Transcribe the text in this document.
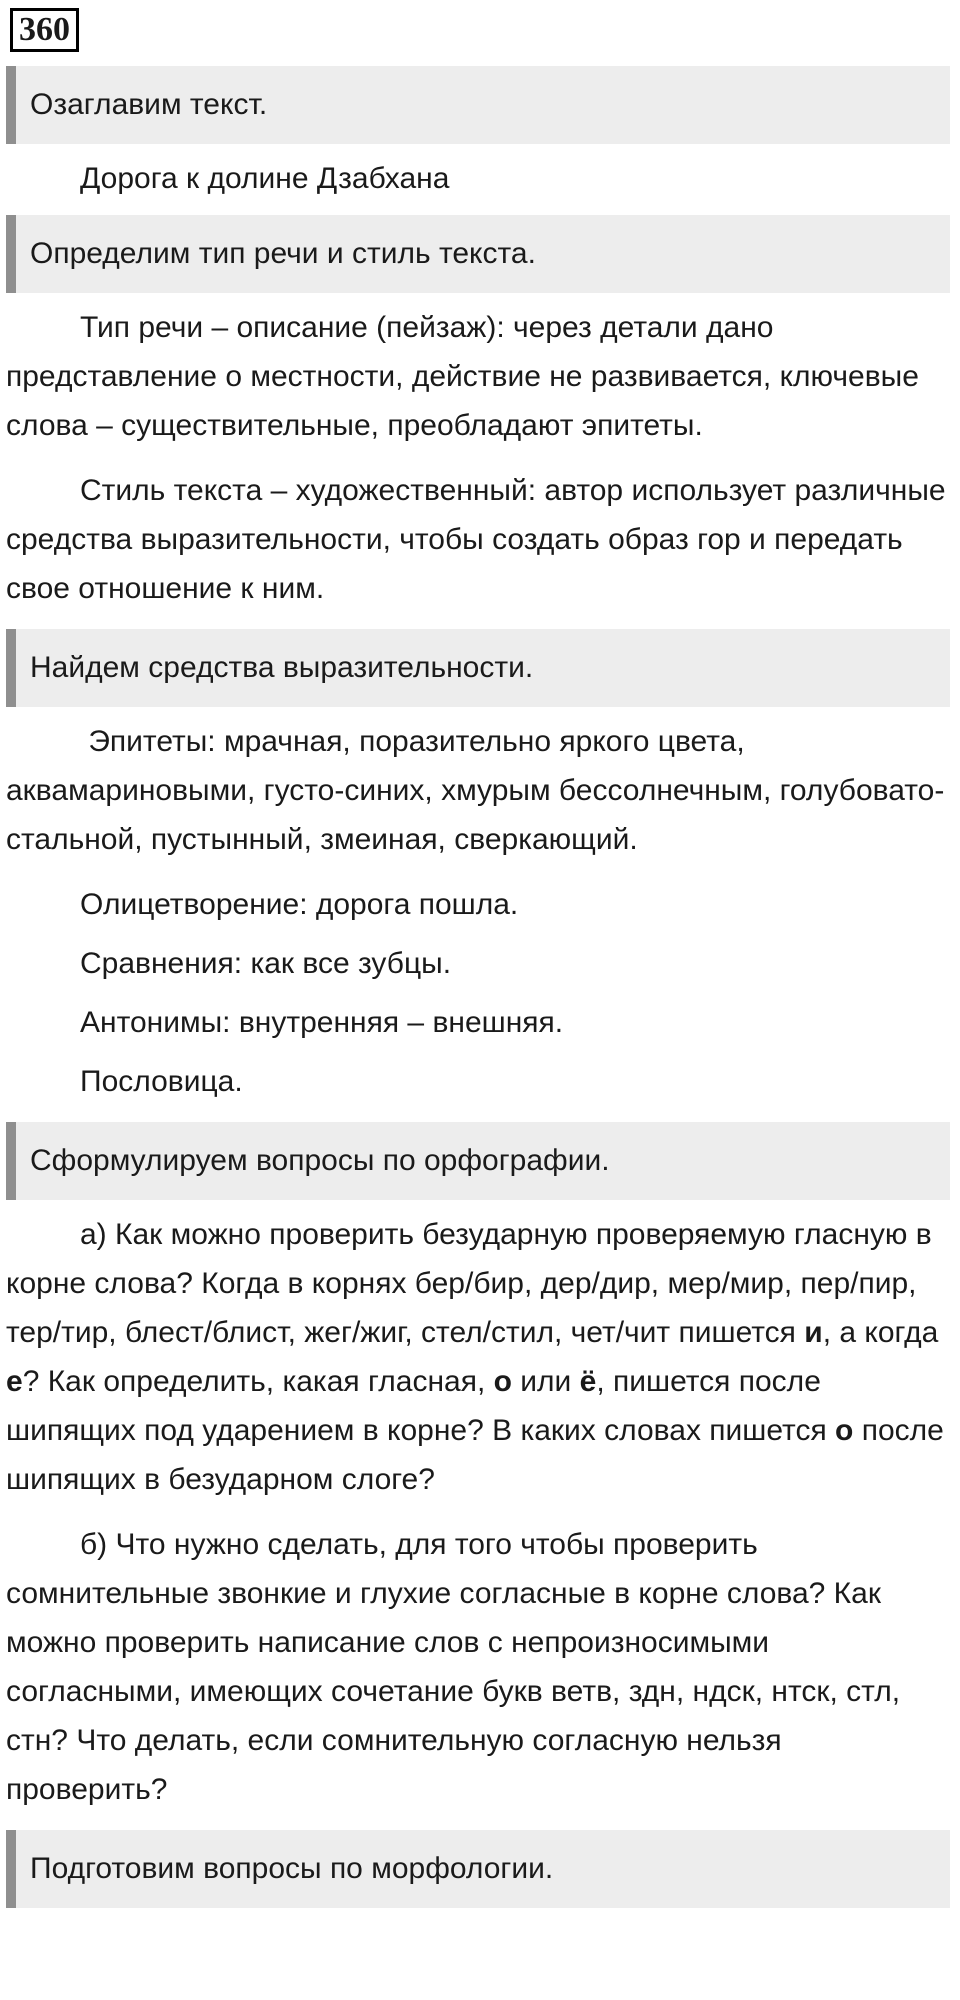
360
Озаглавим текст.

Дорога к долине Дзабхана

Определим тип речи и стиль текста.

Тип речи – описание (пейзаж): через детали дано представление о местности, действие не развивается, ключевые слова – существительные, преобладают эпитеты.

Стиль текста – художественный: автор использует различные средства выразительности, чтобы создать образ гор и передать свое отношение к ним.

Найдем средства выразительности.

Эпитеты: мрачная, поразительно яркого цвета, аквамариновыми, густо-синих, хмурым бессолнечным, голубовато-стальной, пустынный, змеиная, сверкающий.

Олицетворение: дорога пошла.

Сравнения: как все зубцы.

Антонимы: внутренняя – внешняя.

Пословица.

Сформулируем вопросы по орфографии.

а) Как можно проверить безударную проверяемую гласную в корне слова? Когда в корнях бер/бир, дер/дир, мер/мир, пер/пир, тер/тир, блест/блист, жег/жиг, стел/стил, чет/чит пишется и, а когда е? Как определить, какая гласная, о или ё, пишется после шипящих под ударением в корне? В каких словах пишется о после шипящих в безударном слоге?

б) Что нужно сделать, для того чтобы проверить сомнительные звонкие и глухие согласные в корне слова? Как можно проверить написание слов с непроизносимыми согласными, имеющих сочетание букв ветв, здн, ндск, нтск, стл, стн? Что делать, если сомнительную согласную нельзя проверить?

Подготовим вопросы по морфологии.
